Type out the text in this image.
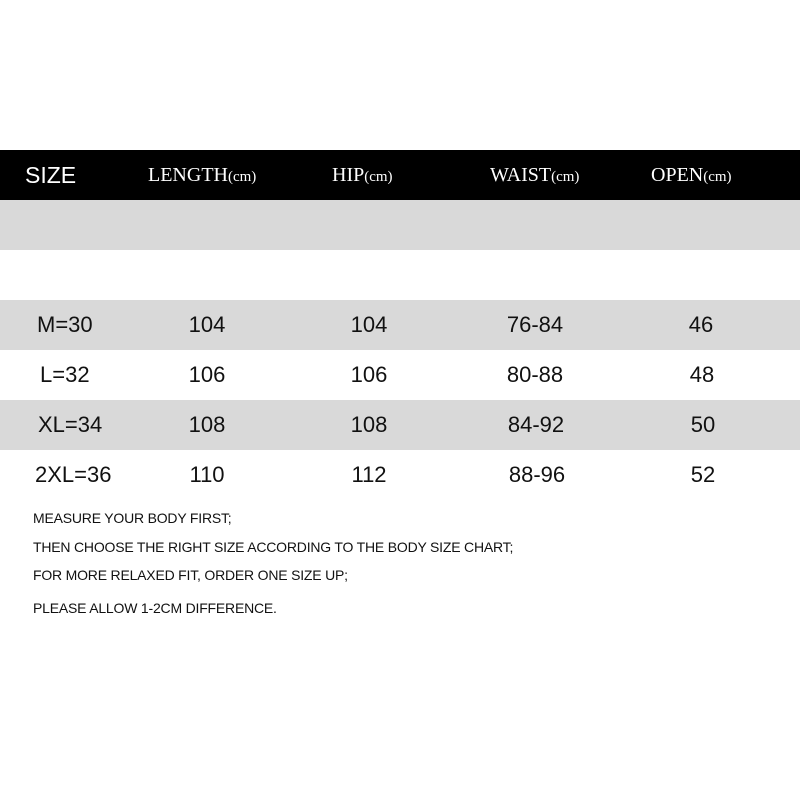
SIZE	LENGTH(cm)	HIP(cm)	WAIST(cm)	OPEN(cm)
M=30	104	104	76-84	46
L=32	106	106	80-88	48
XL=34	108	108	84-92	50
2XL=36	110	112	88-96	52
MEASURE YOUR BODY FIRST;
THEN CHOOSE THE RIGHT SIZE ACCORDING TO THE BODY SIZE CHART;
FOR MORE RELAXED FIT, ORDER ONE SIZE UP;
PLEASE ALLOW 1-2CM DIFFERENCE.
